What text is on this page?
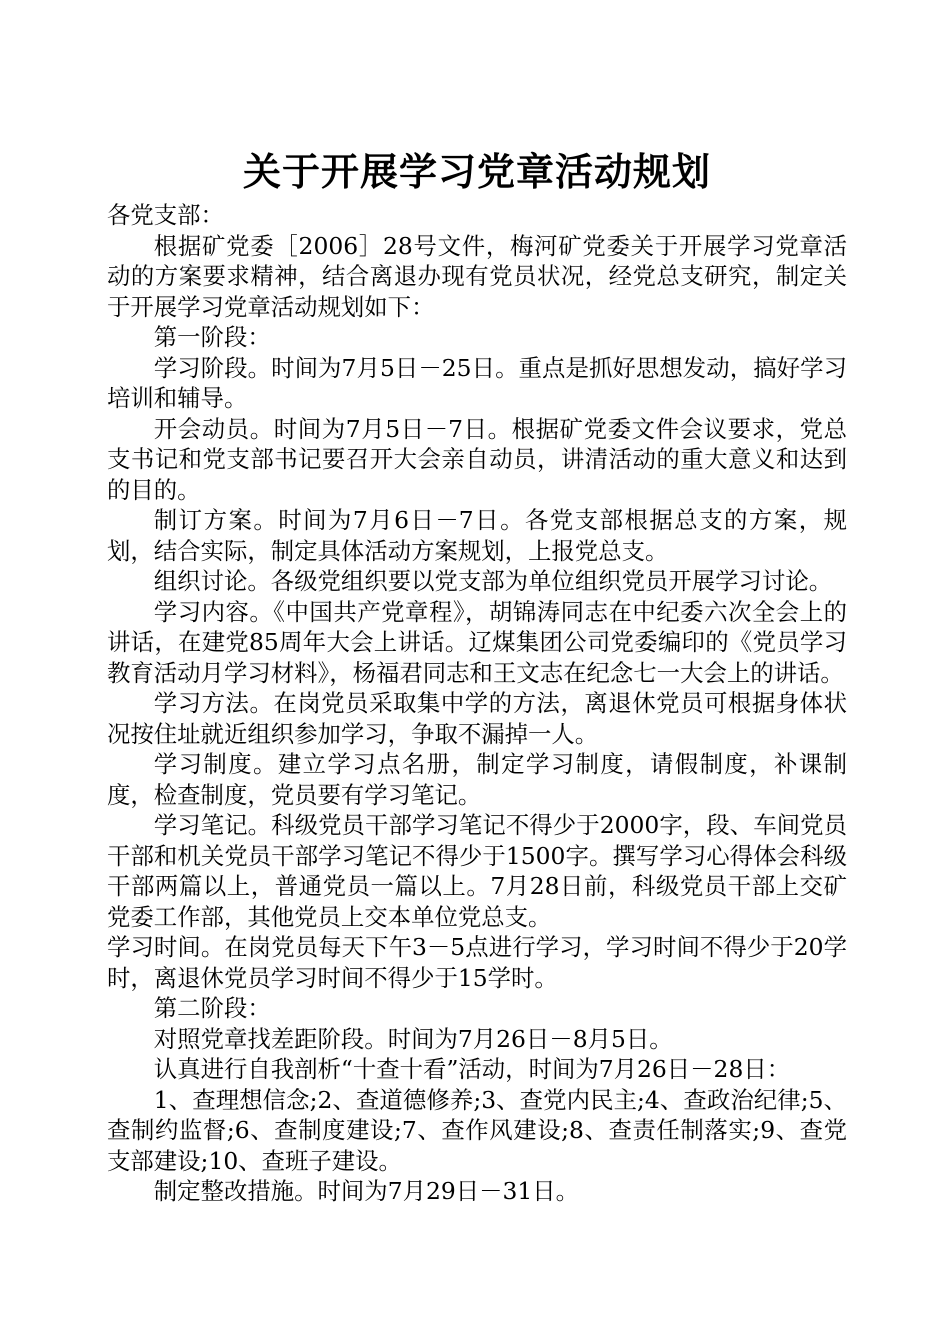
关于开展学习党章活动规划

各党支部：

根据矿党委［2006］28号文件，梅河矿党委关于开展学习党章活动的方案要求精神，结合离退办现有党员状况，经党总支研究，制定关于开展学习党章活动规划如下：

第一阶段：

学习阶段。时间为7月5日－25日。重点是抓好思想发动，搞好学习培训和辅导。

开会动员。时间为7月5日－7日。根据矿党委文件会议要求，党总支书记和党支部书记要召开大会亲自动员，讲清活动的重大意义和达到的目的。

制订方案。时间为7月6日－7日。各党支部根据总支的方案，规划，结合实际，制定具体活动方案规划，上报党总支。

组织讨论。各级党组织要以党支部为单位组织党员开展学习讨论。

学习内容。《中国共产党章程》，胡锦涛同志在中纪委六次全会上的讲话，在建党85周年大会上讲话。辽煤集团公司党委编印的《党员学习教育活动月学习材料》，杨福君同志和王文志在纪念七一大会上的讲话。

学习方法。在岗党员采取集中学的方法，离退休党员可根据身体状况按住址就近组织参加学习，争取不漏掉一人。

学习制度。建立学习点名册，制定学习制度，请假制度，补课制度，检查制度，党员要有学习笔记。

学习笔记。科级党员干部学习笔记不得少于2000字，段、车间党员干部和机关党员干部学习笔记不得少于1500字。撰写学习心得体会科级干部两篇以上，普通党员一篇以上。7月28日前，科级党员干部上交矿党委工作部，其他党员上交本单位党总支。

学习时间。在岗党员每天下午3－5点进行学习，学习时间不得少于20学时，离退休党员学习时间不得少于15学时。

第二阶段：

对照党章找差距阶段。时间为7月26日－8月5日。

认真进行自我剖析“十查十看”活动，时间为7月26日－28日：

1、查理想信念;2、查道德修养;3、查党内民主;4、查政治纪律;5、查制约监督;6、查制度建设;7、查作风建设;8、查责任制落实;9、查党支部建设;10、查班子建设。

制定整改措施。时间为7月29日－31日。
